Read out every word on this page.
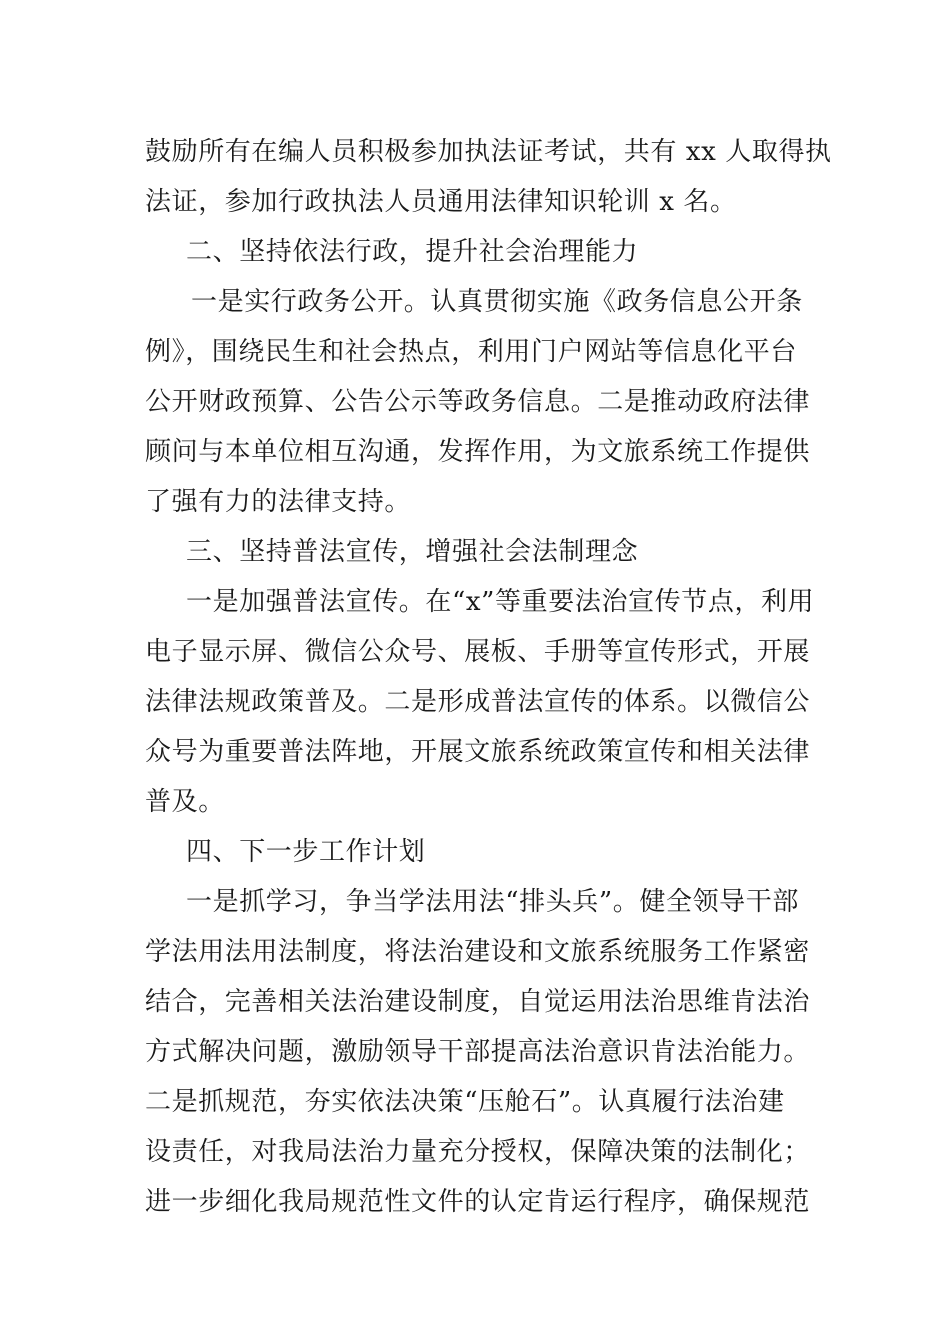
鼓励所有在编人员积极参加执法证考试，共有 xx 人取得执
法证，参加行政执法人员通用法律知识轮训 x 名。
二、坚持依法行政，提升社会治理能力
一是实行政务公开。认真贯彻实施《政务信息公开条
例》，围绕民生和社会热点，利用门户网站等信息化平台
公开财政预算、公告公示等政务信息。二是推动政府法律
顾问与本单位相互沟通，发挥作用，为文旅系统工作提供
了强有力的法律支持。
三、坚持普法宣传，增强社会法制理念
一是加强普法宣传。在“x”等重要法治宣传节点，利用
电子显示屏、微信公众号、展板、手册等宣传形式，开展
法律法规政策普及。二是形成普法宣传的体系。以微信公
众号为重要普法阵地，开展文旅系统政策宣传和相关法律
普及。
四、下一步工作计划
一是抓学习，争当学法用法“排头兵”。健全领导干部
学法用法用法制度，将法治建设和文旅系统服务工作紧密
结合，完善相关法治建设制度，自觉运用法治思维肯法治
方式解决问题，激励领导干部提高法治意识肯法治能力。
二是抓规范，夯实依法决策“压舱石”。认真履行法治建
设责任，对我局法治力量充分授权，保障决策的法制化；
进一步细化我局规范性文件的认定肯运行程序，确保规范
